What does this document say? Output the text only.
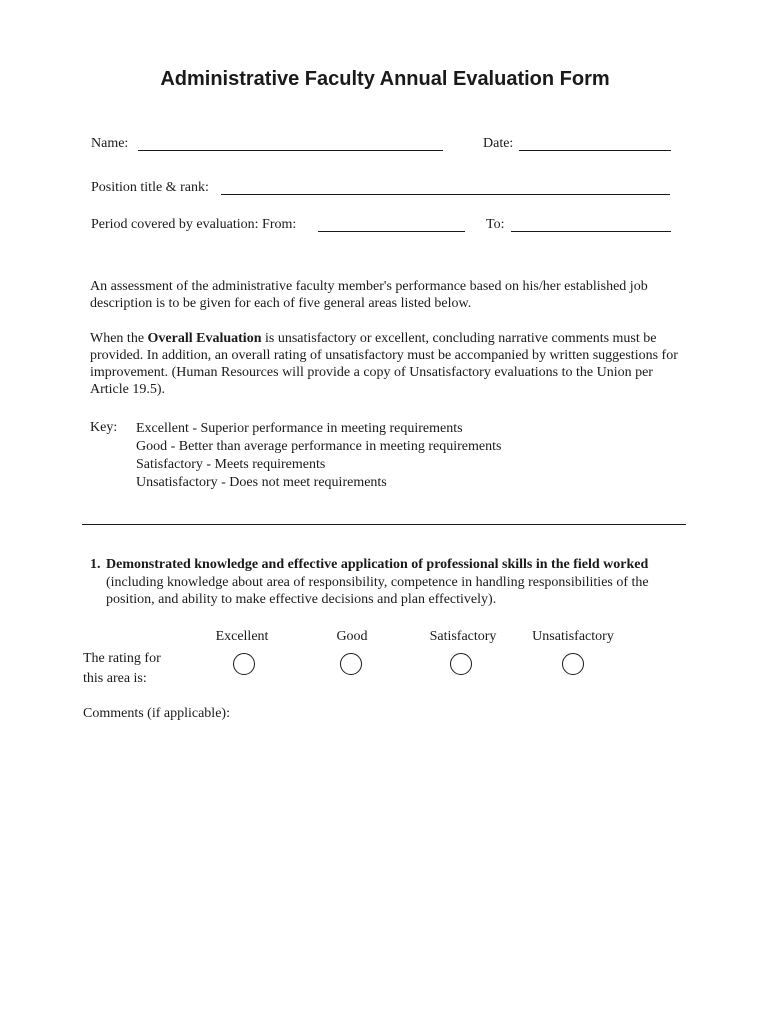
Administrative Faculty Annual Evaluation Form
Name:	Date:
Position title & rank:
Period covered by evaluation: From:	To:
An assessment of the administrative faculty member's performance based on his/her established job description is to be given for each of five general areas listed below.
When the Overall Evaluation is unsatisfactory or excellent, concluding narrative comments must be provided. In addition, an overall rating of unsatisfactory must be accompanied by written suggestions for improvement. (Human Resources will provide a copy of Unsatisfactory evaluations to the Union per Article 19.5).
Key: Excellent - Superior performance in meeting requirements
Good - Better than average performance in meeting requirements
Satisfactory - Meets requirements
Unsatisfactory - Does not meet requirements
1. Demonstrated knowledge and effective application of professional skills in the field worked
(including knowledge about area of responsibility, competence in handling responsibilities of the position, and ability to make effective decisions and plan effectively).
Excellent	Good	Satisfactory	Unsatisfactory
The rating for
this area is:
Comments (if applicable):
